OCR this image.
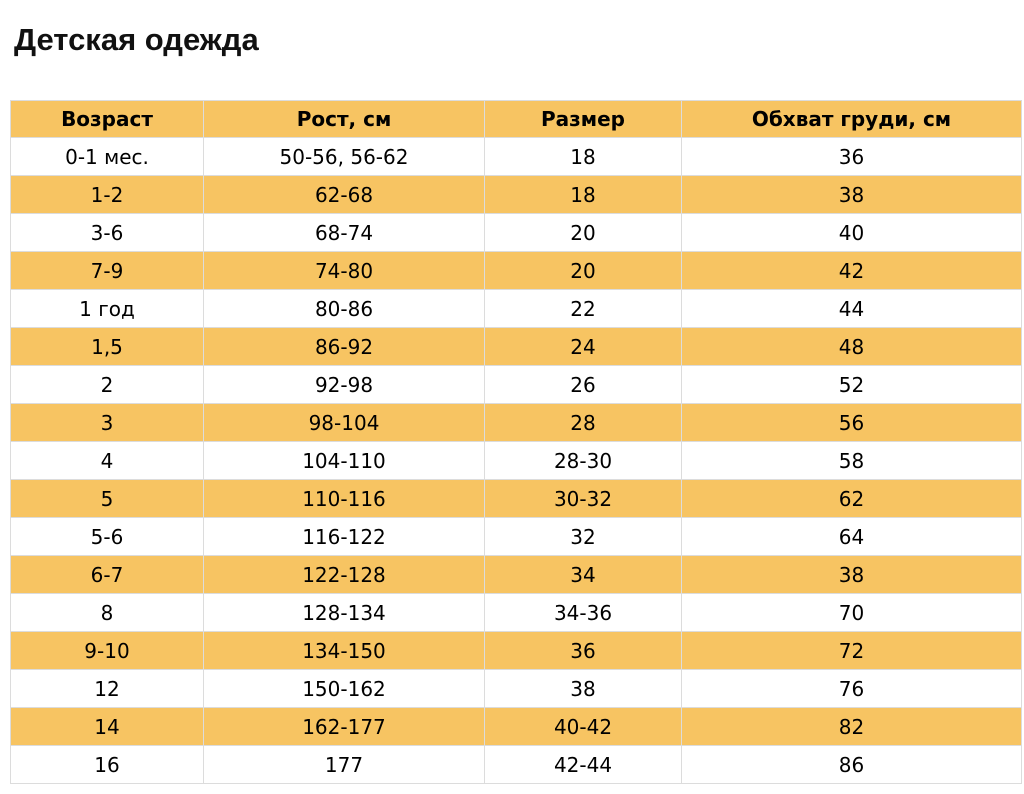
Детская одежда
Возраст	Рост, см	Размер	Обхват груди, см
0-1 мес.	50-56, 56-62	18	36
1-2	62-68	18	38
3-6	68-74	20	40
7-9	74-80	20	42
1 год	80-86	22	44
1,5	86-92	24	48
2	92-98	26	52
3	98-104	28	56
4	104-110	28-30	58
5	110-116	30-32	62
5-6	116-122	32	64
6-7	122-128	34	38
8	128-134	34-36	70
9-10	134-150	36	72
12	150-162	38	76
14	162-177	40-42	82
16	177	42-44	86
